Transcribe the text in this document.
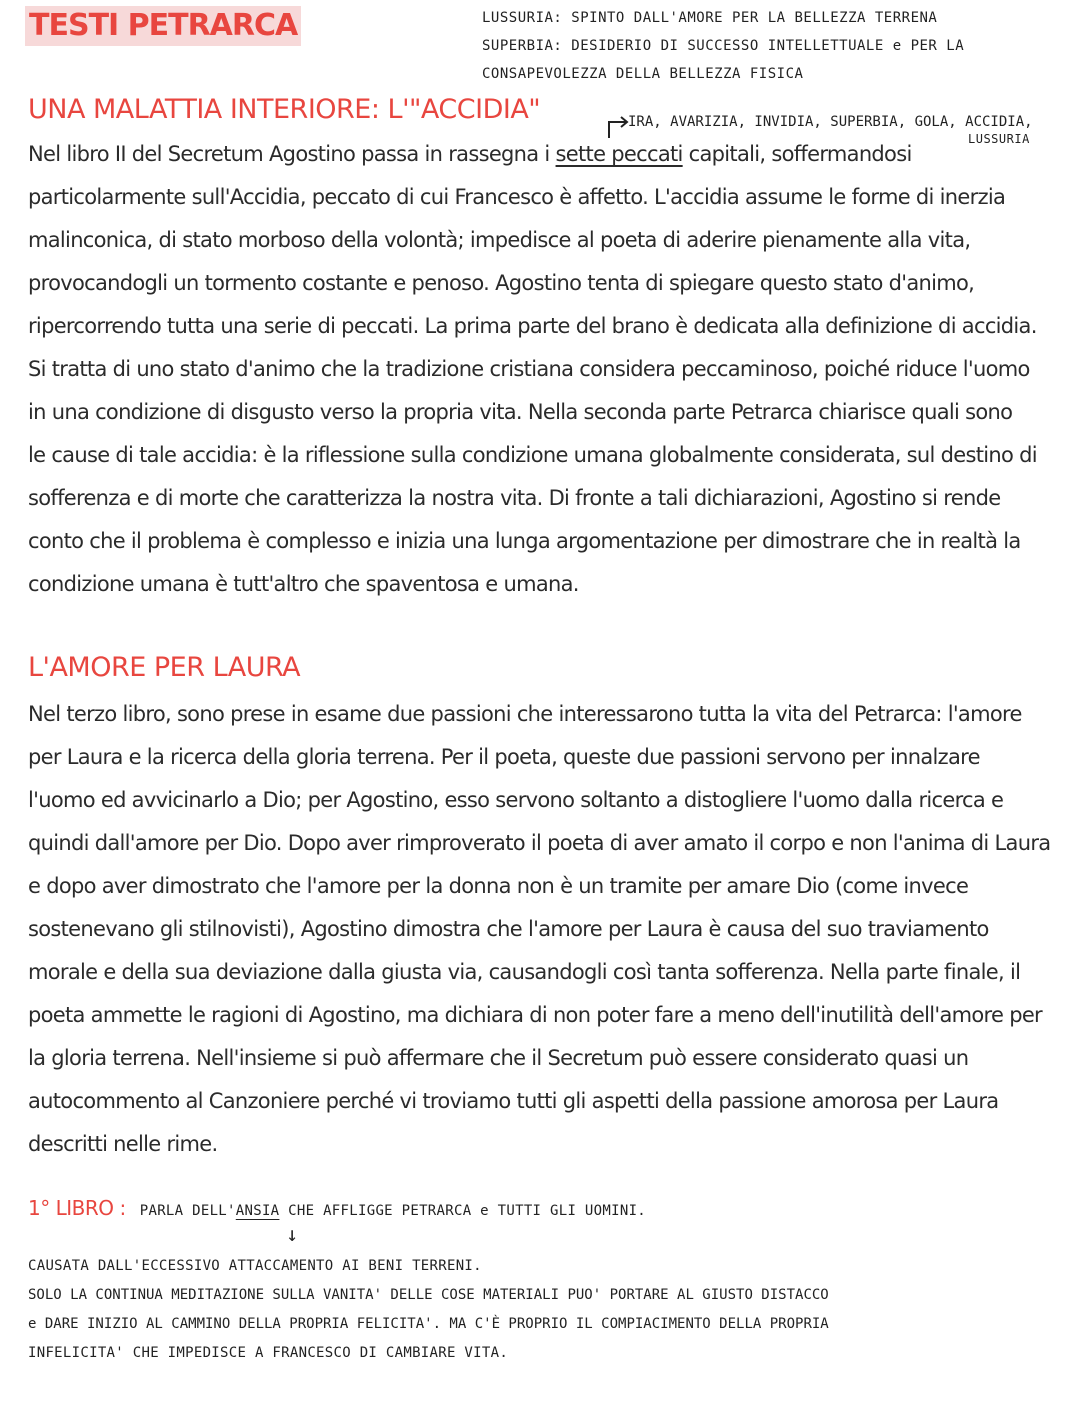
TESTI PETRARCA	LUSSURIA: SPINTO DALL'AMORE PER LA BELLEZZA TERRENA
SUPERBIA: DESIDERIO DI SUCCESSO INTELLETTUALE e PER LA
CONSAPEVOLEZZA DELLA BELLEZZA FISICA
UNA MALATTIA INTERIORE: L'"ACCIDIA"	IRA, AVARIZIA, INVIDIA, SUPERBIA, GOLA, ACCIDIA,
LUSSURIA
Nel libro II del Secretum Agostino passa in rassegna i sette peccati capitali, soffermandosi
particolarmente sull'Accidia, peccato di cui Francesco è affetto. L'accidia assume le forme di inerzia
malinconica, di stato morboso della volontà; impedisce al poeta di aderire pienamente alla vita,
provocandogli un tormento costante e penoso. Agostino tenta di spiegare questo stato d'animo,
ripercorrendo tutta una serie di peccati. La prima parte del brano è dedicata alla definizione di accidia.
Si tratta di uno stato d'animo che la tradizione cristiana considera peccaminoso, poiché riduce l'uomo
in una condizione di disgusto verso la propria vita. Nella seconda parte Petrarca chiarisce quali sono
le cause di tale accidia: è la riflessione sulla condizione umana globalmente considerata, sul destino di
sofferenza e di morte che caratterizza la nostra vita. Di fronte a tali dichiarazioni, Agostino si rende
conto che il problema è complesso e inizia una lunga argomentazione per dimostrare che in realtà la
condizione umana è tutt'altro che spaventosa e umana.
L'AMORE PER LAURA
Nel terzo libro, sono prese in esame due passioni che interessarono tutta la vita del Petrarca: l'amore
per Laura e la ricerca della gloria terrena. Per il poeta, queste due passioni servono per innalzare
l'uomo ed avvicinarlo a Dio; per Agostino, esso servono soltanto a distogliere l'uomo dalla ricerca e
quindi dall'amore per Dio. Dopo aver rimproverato il poeta di aver amato il corpo e non l'anima di Laura
e dopo aver dimostrato che l'amore per la donna non è un tramite per amare Dio (come invece
sostenevano gli stilnovisti), Agostino dimostra che l'amore per Laura è causa del suo traviamento
morale e della sua deviazione dalla giusta via, causandogli così tanta sofferenza. Nella parte finale, il
poeta ammette le ragioni di Agostino, ma dichiara di non poter fare a meno dell'inutilità dell'amore per
la gloria terrena. Nell'insieme si può affermare che il Secretum può essere considerato quasi un
autocommento al Canzoniere perché vi troviamo tutti gli aspetti della passione amorosa per Laura
descritti nelle rime.
1° LIBRO : PARLA DELL'ANSIA CHE AFFLIGGE PETRARCA e TUTTI GLI UOMINI.
↓
CAUSATA DALL'ECCESSIVO ATTACCAMENTO AI BENI TERRENI.
SOLO LA CONTINUA MEDITAZIONE SULLA VANITA' DELLE COSE MATERIALI PUO' PORTARE AL GIUSTO DISTACCO
e DARE INIZIO AL CAMMINO DELLA PROPRIA FELICITA'. MA C'È PROPRIO IL COMPIACIMENTO DELLA PROPRIA
INFELICITA' CHE IMPEDISCE A FRANCESCO DI CAMBIARE VITA.
